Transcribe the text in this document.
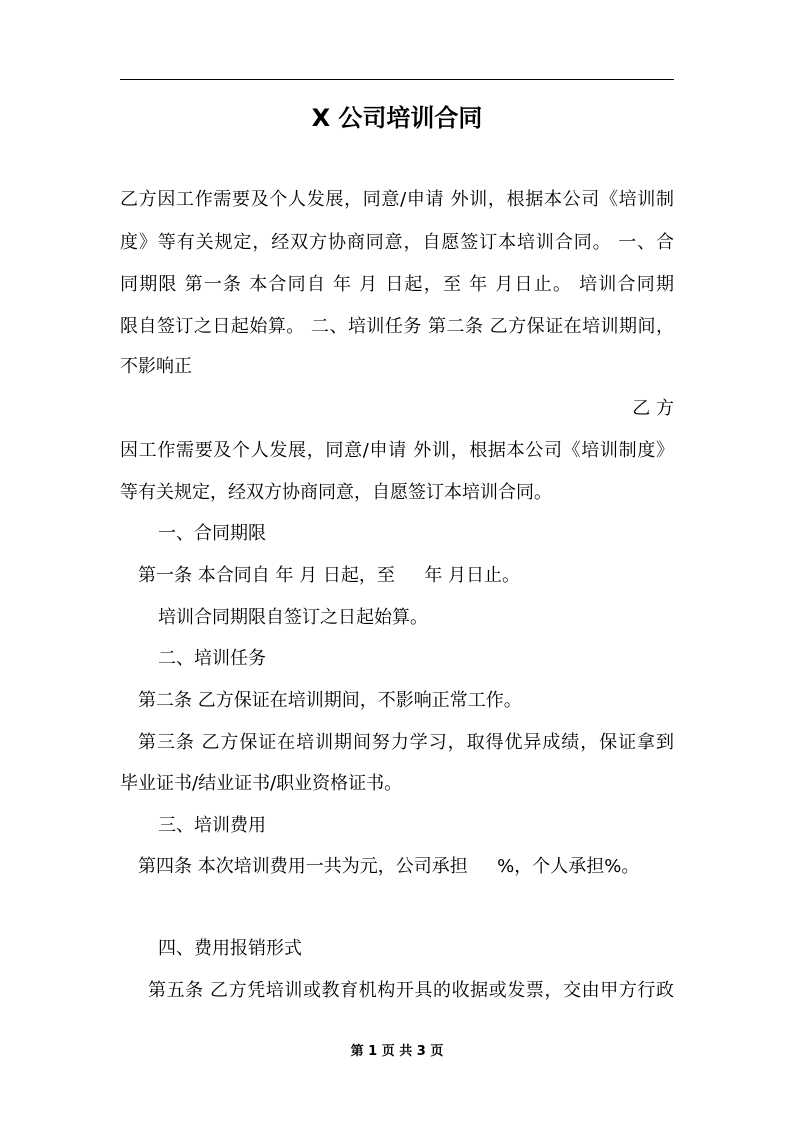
X 公司培训合同
乙方因工作需要及个人发展，同意/申请 外训，根据本公司《培训制
度》等有关规定，经双方协商同意，自愿签订本培训合同。 一、合
同期限 第一条 本合同自 年 月 日起，至 年 月日止。 培训合同期
限自签订之日起始算。 二、培训任务 第二条 乙方保证在培训期间，
不影响正
乙 方
因工作需要及个人发展，同意/申请 外训，根据本公司《培训制度》
等有关规定，经双方协商同意，自愿签订本培训合同。
一、合同期限
第一条 本合同自 年 月 日起，至 　 年 月日止。
培训合同期限自签订之日起始算。
二、培训任务
第二条 乙方保证在培训期间，不影响正常工作。
第三条 乙方保证在培训期间努力学习，取得优异成绩，保证拿到
毕业证书/结业证书/职业资格证书。
三、培训费用
第四条 本次培训费用一共为元，公司承担 　 %，个人承担%。
四、费用报销形式
第五条 乙方凭培训或教育机构开具的收据或发票，交由甲方行政
第 1 页 共 3 页
